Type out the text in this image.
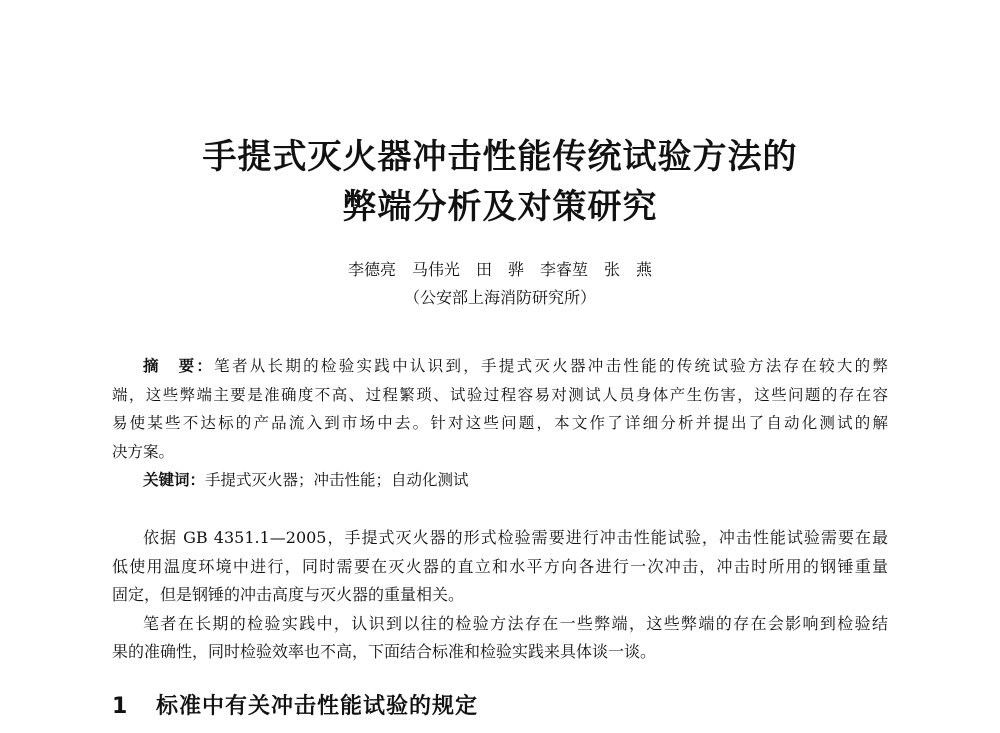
手提式灭火器冲击性能传统试验方法的
弊端分析及对策研究
李德亮　马伟光　田　骅　李睿堃　张　燕
（公安部上海消防研究所）
摘　要：笔者从长期的检验实践中认识到，手提式灭火器冲击性能的传统试验方法存在较大的弊
端，这些弊端主要是准确度不高、过程繁琐、试验过程容易对测试人员身体产生伤害，这些问题的存在容
易使某些不达标的产品流入到市场中去。针对这些问题，本文作了详细分析并提出了自动化测试的解
决方案。
关键词：手提式灭火器；冲击性能；自动化测试
依据 GB 4351.1—2005，手提式灭火器的形式检验需要进行冲击性能试验，冲击性能试验需要在最
低使用温度环境中进行，同时需要在灭火器的直立和水平方向各进行一次冲击，冲击时所用的钢锤重量
固定，但是钢锤的冲击高度与灭火器的重量相关。
笔者在长期的检验实践中，认识到以往的检验方法存在一些弊端，这些弊端的存在会影响到检验结
果的准确性，同时检验效率也不高，下面结合标准和检验实践来具体谈一谈。
1 标准中有关冲击性能试验的规定
